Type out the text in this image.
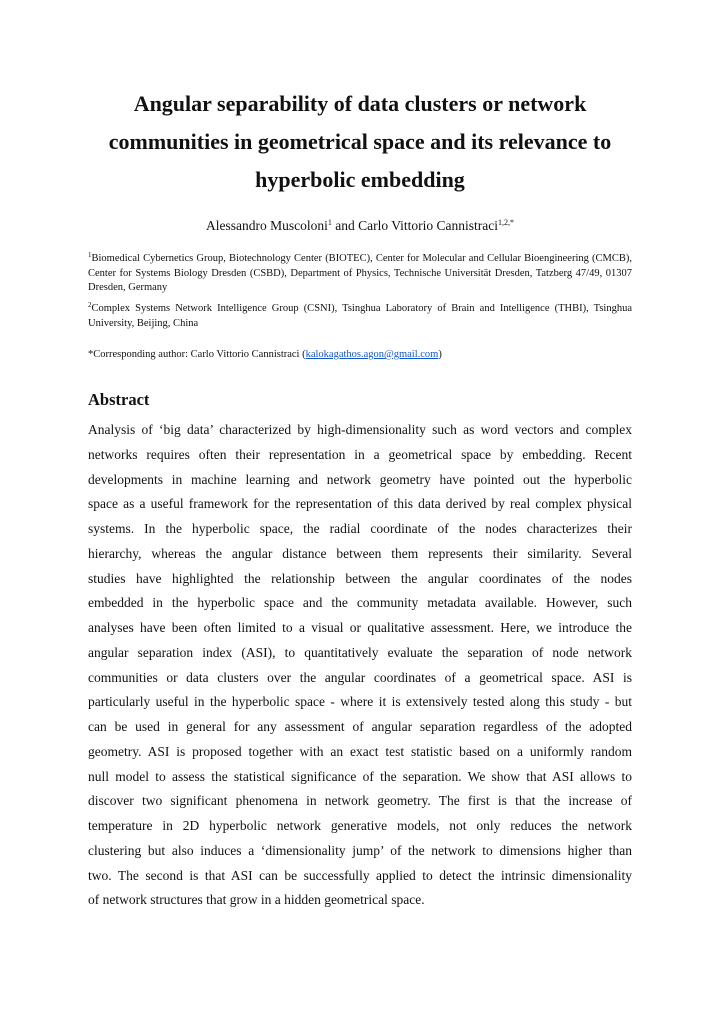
Angular separability of data clusters or network
communities in geometrical space and its relevance to
hyperbolic embedding

Alessandro Muscoloni$^1$ and Carlo Vittorio Cannistraci$^{1,2,*}$

$^1$Biomedical Cybernetics Group, Biotechnology Center (BIOTEC), Center for Molecular and Cellular Bioengineering (CMCB), Center for Systems Biology Dresden (CSBD), Department of Physics, Technische Universität Dresden, Tatzberg 47/49, 01307 Dresden, Germany

$^2$Complex Systems Network Intelligence Group (CSNI), Tsinghua Laboratory of Brain and Intelligence (THBI), Tsinghua University, Beijing, China

*Corresponding author: Carlo Vittorio Cannistraci (kalokagathos.agon@gmail.com)

Abstract
Analysis of ‘big data’ characterized by high-dimensionality such as word vectors and complex
networks requires often their representation in a geometrical space by embedding. Recent
developments in machine learning and network geometry have pointed out the hyperbolic
space as a useful framework for the representation of this data derived by real complex physical
systems. In the hyperbolic space, the radial coordinate of the nodes characterizes their
hierarchy, whereas the angular distance between them represents their similarity. Several
studies have highlighted the relationship between the angular coordinates of the nodes
embedded in the hyperbolic space and the community metadata available. However, such
analyses have been often limited to a visual or qualitative assessment. Here, we introduce the
angular separation index (ASI), to quantitatively evaluate the separation of node network
communities or data clusters over the angular coordinates of a geometrical space. ASI is
particularly useful in the hyperbolic space - where it is extensively tested along this study - but
can be used in general for any assessment of angular separation regardless of the adopted
geometry. ASI is proposed together with an exact test statistic based on a uniformly random
null model to assess the statistical significance of the separation. We show that ASI allows to
discover two significant phenomena in network geometry. The first is that the increase of
temperature in 2D hyperbolic network generative models, not only reduces the network
clustering but also induces a ‘dimensionality jump’ of the network to dimensions higher than
two. The second is that ASI can be successfully applied to detect the intrinsic dimensionality
of network structures that grow in a hidden geometrical space.
